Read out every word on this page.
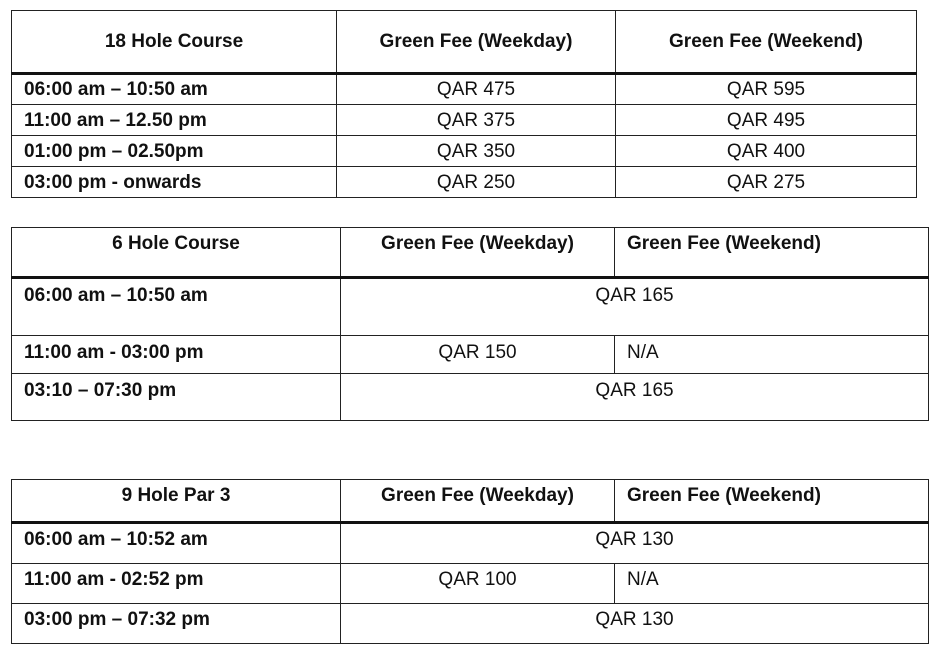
18 Hole Course	Green Fee (Weekday)	Green Fee (Weekend)
06:00 am – 10:50 am	QAR 475	QAR 595
11:00 am – 12.50 pm	QAR 375	QAR 495
01:00 pm – 02.50pm	QAR 350	QAR 400
03:00 pm - onwards	QAR 250	QAR 275
6 Hole Course	Green Fee (Weekday)	Green Fee (Weekend)
06:00 am – 10:50 am	QAR 165	
11:00 am - 03:00 pm	QAR 150	N/A
03:10 – 07:30 pm	QAR 165	
9 Hole Par 3	Green Fee (Weekday)	Green Fee (Weekend)
06:00 am – 10:52 am	QAR 130	
11:00 am - 02:52 pm	QAR 100	N/A
03:00 pm – 07:32 pm	QAR 130	
